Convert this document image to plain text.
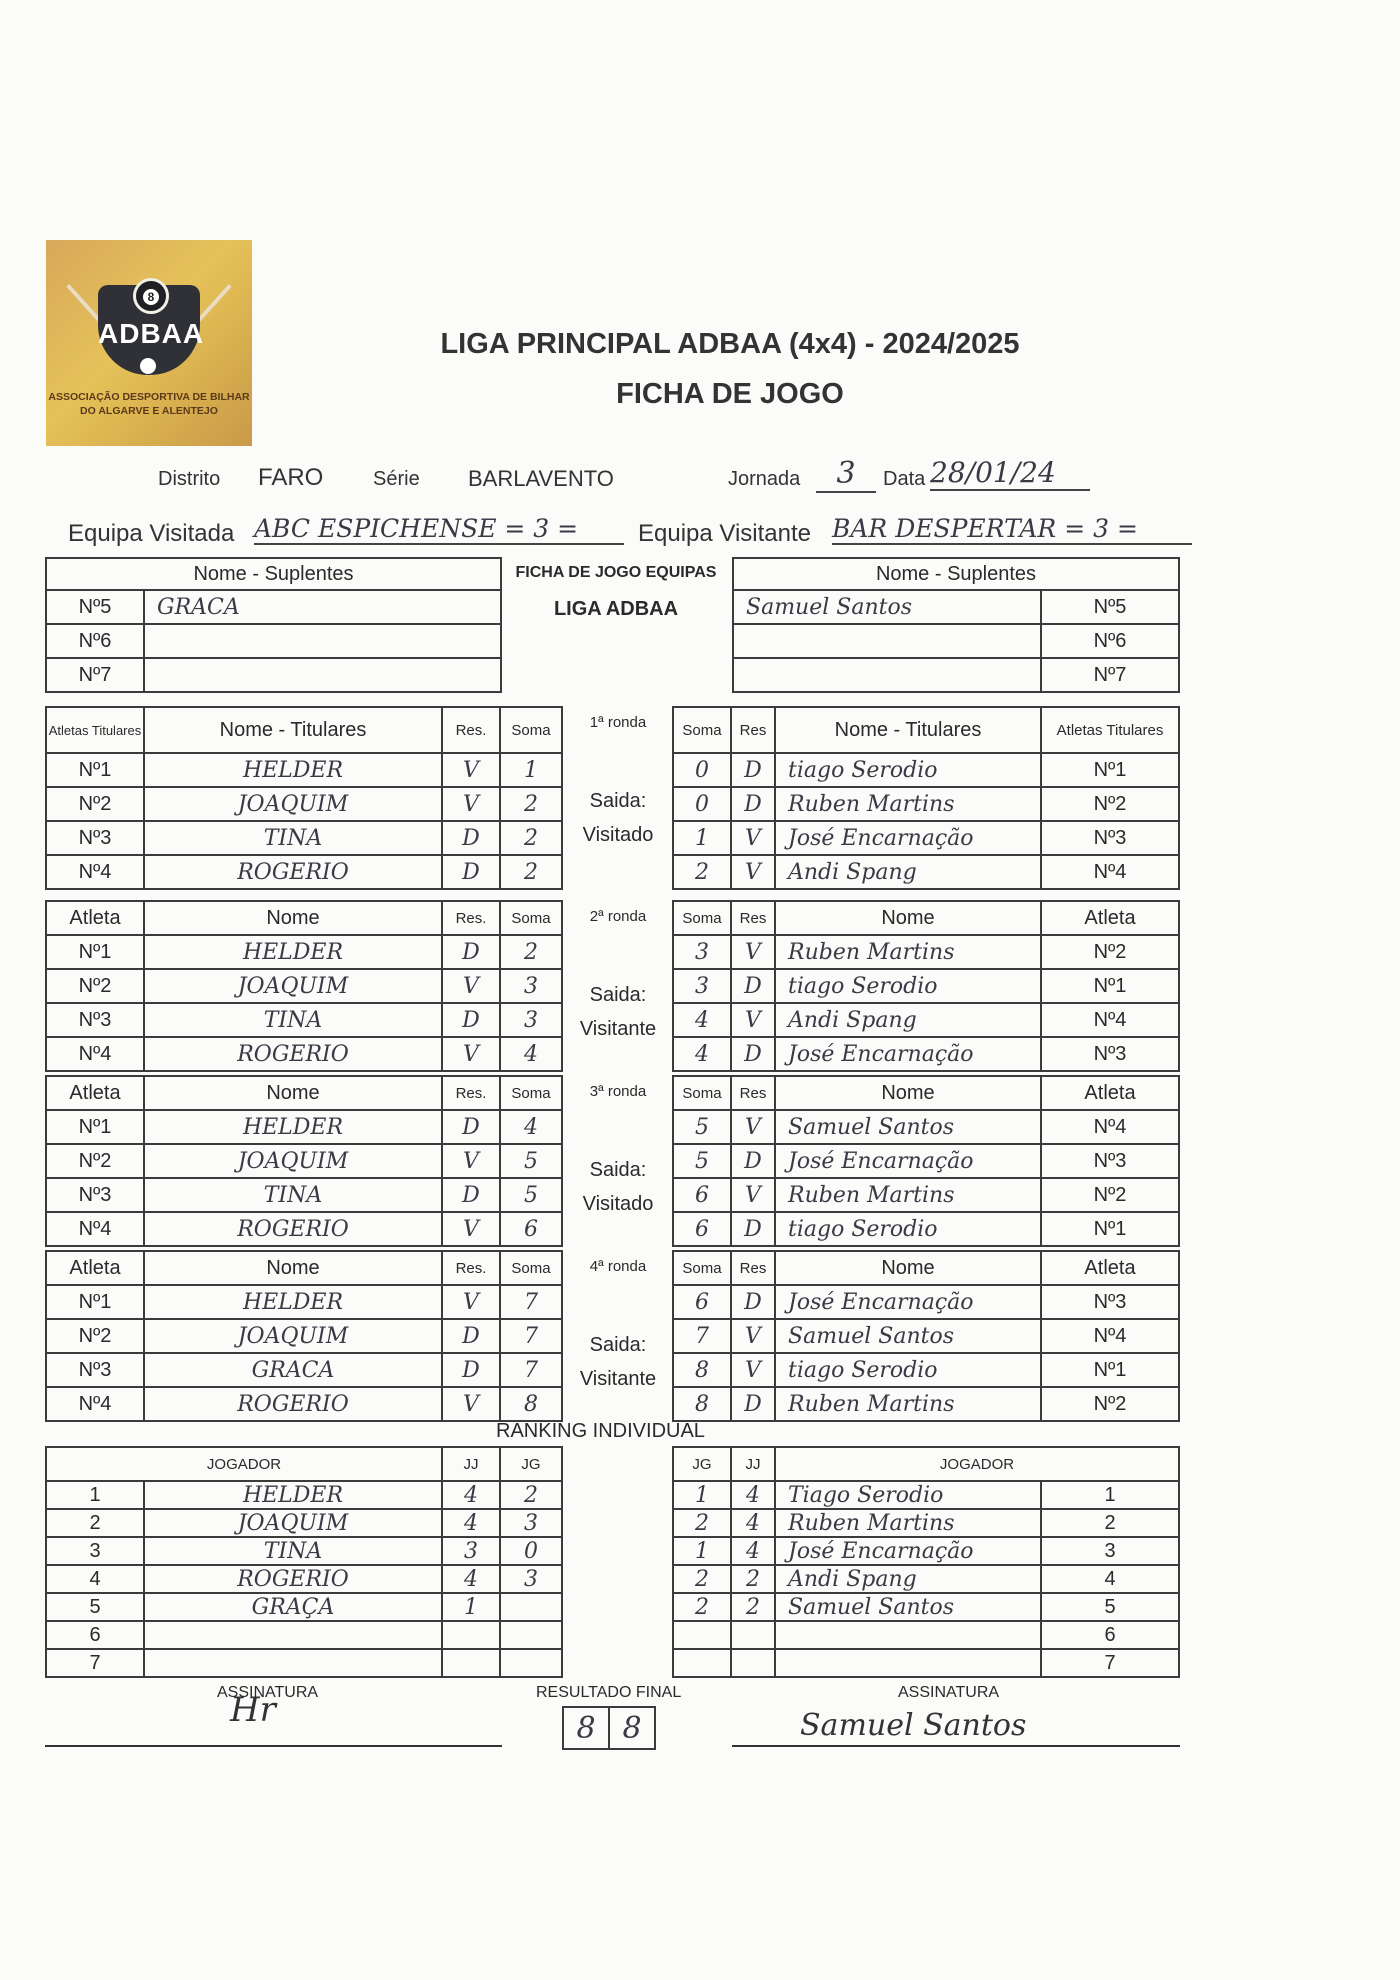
8
ADBAA
ASSOCIAÇÃO DESPORTIVA DE BILHAR
DO ALGARVE E ALENTEJO
LIGA PRINCIPAL ADBAA (4x4) - 2024/2025
FICHA DE JOGO
Distrito FARO Série BARLAVENTO	Jornada	3	Data 28/01/24
Equipa Visitada ABC ESPICHENSE = 3 =	Equipa Visitante BAR DESPERTAR = 3 =
FICHA DE JOGO EQUIPAS
LIGA ADBAA
Nome - Suplentes	
Nº5	GRACA
Nº6	
Nº7	
Nome - Suplentes	
Samuel Santos	Nº5
	Nº6
	Nº7
Atletas Titulares	Nome - Titulares	Res.	Soma
Nº1	HELDER	V	1
Nº2	JOAQUIM	V	2
Nº3	TINA	D	2
Nº4	ROGERIO	D	2
1ª ronda
Saida:
Visitado
Soma	Res	Nome - Titulares	Atletas Titulares
0	D	tiago Serodio	Nº1
0	D	Ruben Martins	Nº2
1	V	José Encarnação	Nº3
2	V	Andi Spang	Nº4
Atleta	Nome	Res.	Soma
Nº1	HELDER	D	2
Nº2	JOAQUIM	V	3
Nº3	TINA	D	3
Nº4	ROGERIO	V	4
2ª ronda
Saida:
Visitante
Soma	Res	Nome	Atleta
3	V	Ruben Martins	Nº2
3	D	tiago Serodio	Nº1
4	V	Andi Spang	Nº4
4	D	José Encarnação	Nº3
Atleta	Nome	Res.	Soma
Nº1	HELDER	D	4
Nº2	JOAQUIM	V	5
Nº3	TINA	D	5
Nº4	ROGERIO	V	6
3ª ronda
Saida:
Visitado
Soma	Res	Nome	Atleta
5	V	Samuel Santos	Nº4
5	D	José Encarnação	Nº3
6	V	Ruben Martins	Nº2
6	D	tiago Serodio	Nº1
Atleta	Nome	Res.	Soma
Nº1	HELDER	V	7
Nº2	JOAQUIM	D	7
Nº3	GRACA	D	7
Nº4	ROGERIO	V	8
4ª ronda
Saida:
Visitante
Soma	Res	Nome	Atleta
6	D	José Encarnação	Nº3
7	V	Samuel Santos	Nº4
8	V	tiago Serodio	Nº1
8	D	Ruben Martins	Nº2
RANKING INDIVIDUAL
JOGADOR		JJ	JG
1	HELDER	4	2
2	JOAQUIM	4	3
3	TINA	3	0
4	ROGERIO	4	3
5	GRAÇA	1	
6			
7			
JG	JJ	JOGADOR	
1	4	Tiago Serodio	1
2	4	Ruben Martins	2
1	4	José Encarnação	3
2	2	Andi Spang	4
2	2	Samuel Santos	5
			6
			7
ASSINATURA
Hr	RESULTADO FINAL
8	8
ASSINATURA
Samuel Santos
